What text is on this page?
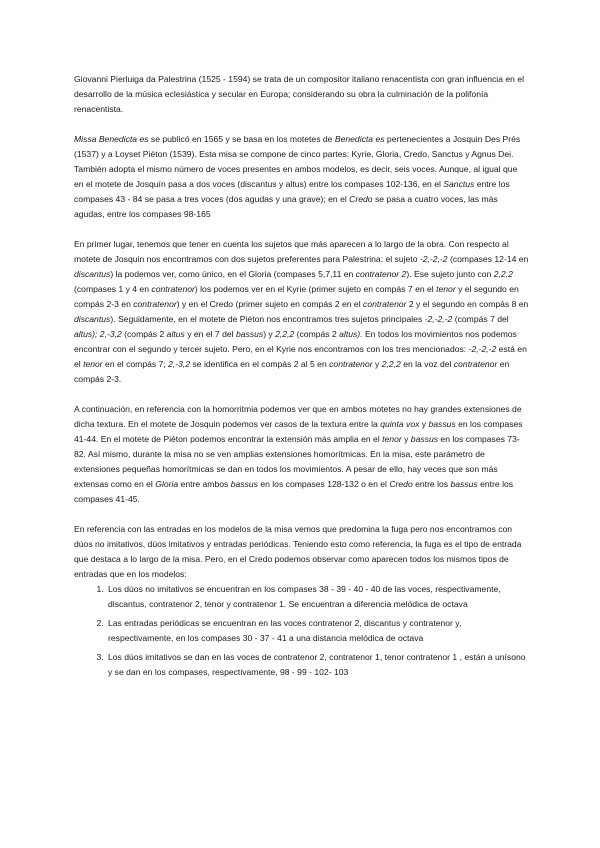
Giovanni Pierluiga da Palestrina (1525 - 1594) se trata de un compositor italiano renacentista con gran influencia en el desarrollo de la música eclesiástica y secular en Europa; considerando su obra la culminación de la polifonía renacentista.

Missa Benedicta es se publicó en 1565 y se basa en los motetes de Benedicta es pertenecientes a Josquin Des Prés (1537) y a Loyset Piéton (1539). Esta misa se compone de cinco partes: Kyrie, Gloria, Credo, Sanctus y Agnus Dei. También adopta el mismo número de voces presentes en ambos modelos, es decir, seis voces. Aunque, al igual que en el motete de Josquín pasa a dos voces (discantus y altus) entre los compases 102-136, en el Sanctus entre los compases 43 - 84 se pasa a tres voces (dos agudas y una grave); en el Credo se pasa a cuatro voces, las más agudas, entre los compases 98-165

En primer lugar, tenemos que tener en cuenta los sujetos que más aparecen a lo largo de la obra. Con respecto al motete de Josquin nos encontramos con dos sujetos preferentes para Palestrina: el sujeto -2,-2,-2 (compases 12-14 en discantus) la podemos ver, como único, en el Gloria (compases 5,7,11 en contratenor 2). Ese sujeto junto con 2,2,2 (compases 1 y 4 en contratenor) los podemos ver en el Kyrie (primer sujeto en compás 7 en el tenor y el segundo en compás 2-3 en contratenor) y en el Credo (primer sujeto en compás 2 en el contratenor 2 y el segundo en compás 8 en discantus). Seguidamente, en el motete de Piéton nos encontramos tres sujetos principales -2,-2,-2 (compás 7 del altus); 2,-3,2 (compás 2 altus y en el 7 del bassus) y 2,2,2 (compás 2 altus). En todos los movimientos nos podemos encontrar con el segundo y tercer sujeto. Pero, en el Kyrie nos encontramos con los tres mencionados: -2,-2,-2 está en el tenor en el compás 7; 2,-3,2 se identifica en el compás 2 al 5 en contratenor y 2,2,2 en la voz del contratenor en compás 2-3.

A continuación, en referencia con la homorritmia podemos ver que en ambos motetes no hay grandes extensiones de dicha textura. En el motete de Josquin podemos ver casos de la textura entre la quinta vox y bassus en los compases 41-44. En el motete de Piéton podemos encontrar la extensión más amplia en el tenor y bassus en los compases 73-82. Así mismo, durante la misa no se ven amplias extensiones homorítmicas. En la misa, este parámetro de extensiones pequeñas homorítmicas se dan en todos los movimientos. A pesar de ello, hay veces que son más extensas como en el Gloria entre ambos bassus en los compases 128-132 o en el Credo entre los bassus entre los compases 41-45.

En referencia con las entradas en los modelos de la misa vemos que predomina la fuga pero nos encontramos con dúos no imitativos, dúos imitativos y entradas periódicas. Teniendo esto como referencia, la fuga es el tipo de entrada que destaca a lo largo de la misa. Pero, en el Credo podemos observar como aparecen todos los mismos tipos de entradas que en los modelos:

1. Los dúos no imitativos se encuentran en los compases 38 - 39 - 40 - 40 de las voces, respectivamente, discantus, contratenor 2, tenor y contratenor 1. Se encuentran a diferencia melódica de octava
2. Las entradas periódicas se encuentran en las voces contratenor 2, discantus y contratenor y, respectivamente, en los compases 30 - 37 - 41 a una distancia melódica de octava
3. Los dúos imitativos se dan en las voces de contratenor 2, contratenor 1, tenor contratenor 1 , están a unísono y se dan en los compases, respectivamente, 98 - 99 - 102- 103
